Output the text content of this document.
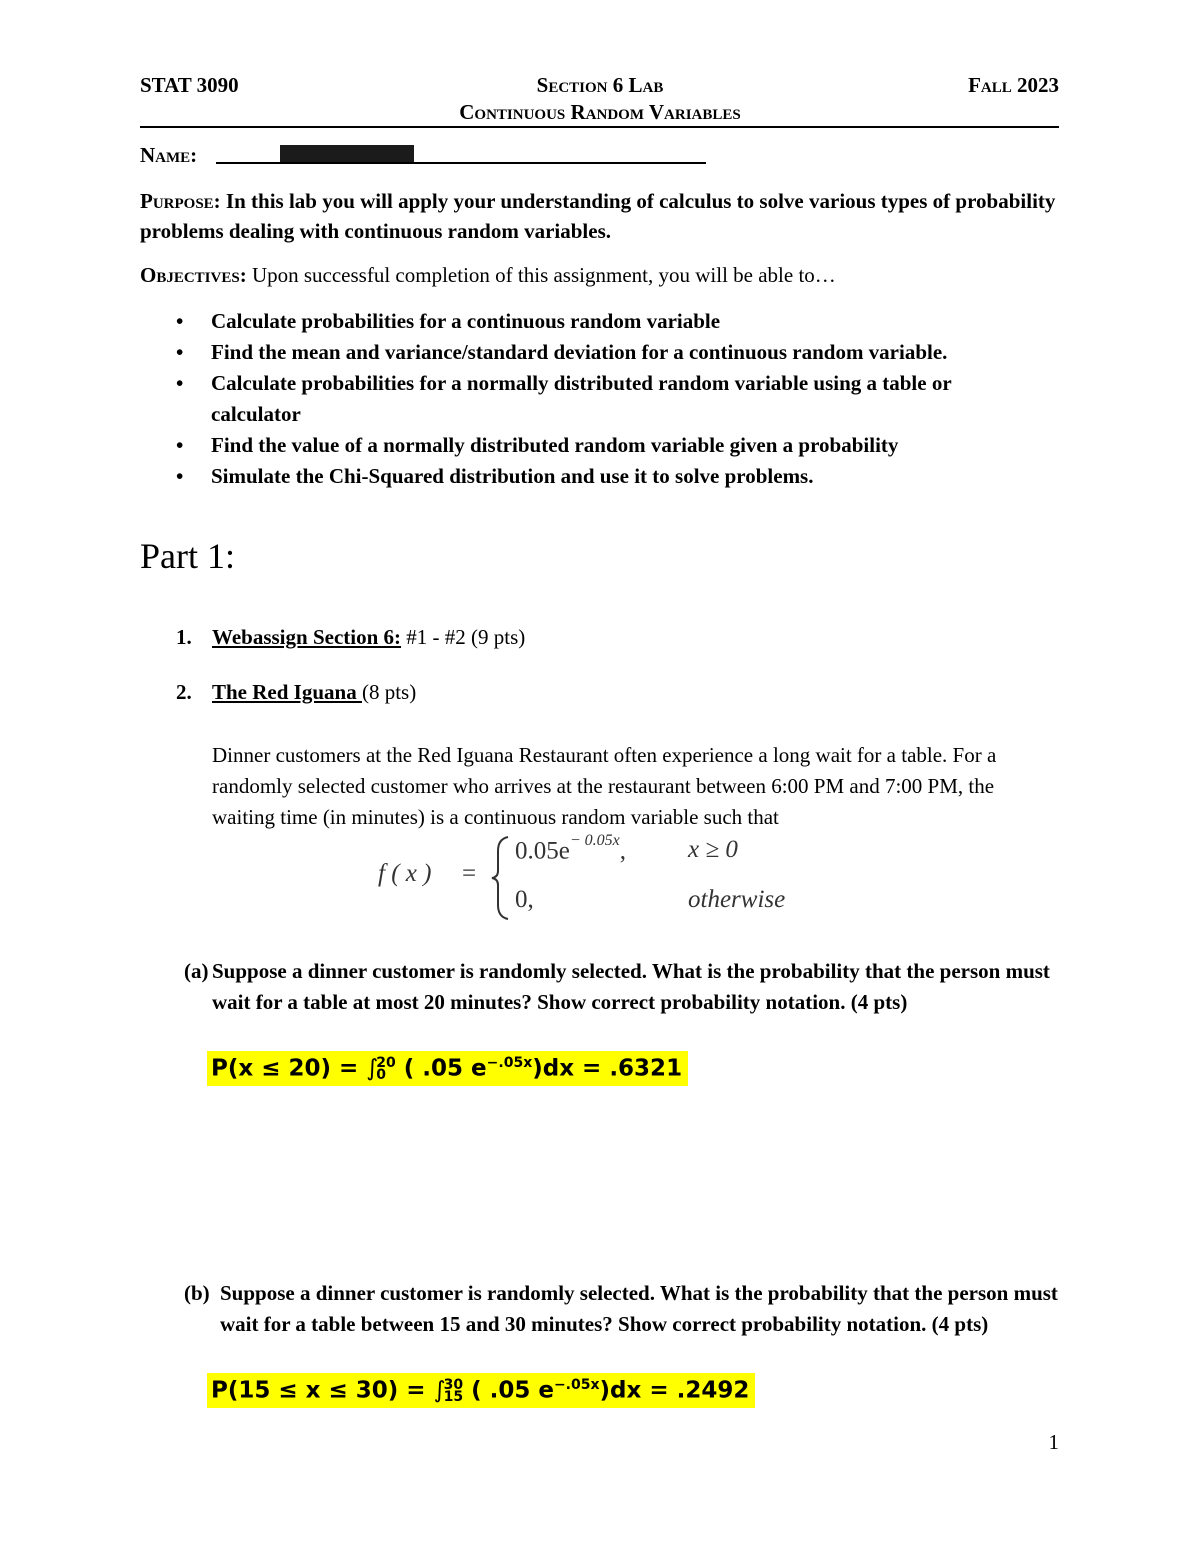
STAT 3090	Section 6 Lab	Fall 2023
Continuous Random Variables
Name:
Purpose: In this lab you will apply your understanding of calculus to solve various types of probability problems dealing with continuous random variables.
Objectives: Upon successful completion of this assignment, you will be able to…
• Calculate probabilities for a continuous random variable
• Find the mean and variance/standard deviation for a continuous random variable.
• Calculate probabilities for a normally distributed random variable using a table or calculator
• Find the value of a normally distributed random variable given a probability
• Simulate the Chi-Squared distribution and use it to solve problems.
Part 1:
1. Webassign Section 6: #1 - #2 (9 pts)
2. The Red Iguana (8 pts)
Dinner customers at the Red Iguana Restaurant often experience a long wait for a table. For a randomly selected customer who arrives at the restaurant between 6:00 PM and 7:00 PM, the waiting time (in minutes) is a continuous random variable such that
f ( x ) =
$0.05e^{- 0.05x}$, x ≥ 0
0,	otherwise
(a) Suppose a dinner customer is randomly selected. What is the probability that the person must wait for a table at most 20 minutes? Show correct probability notation. (4 pts)
P(x ≤ 20) = ∫
20
0 ( .05 $e^{-.05x})dx = .6321$
(b) Suppose a dinner customer is randomly selected. What is the probability that the person must wait for a table between 15 and 30 minutes? Show correct probability notation. (4 pts)
P(15 ≤ x ≤ 30) = ∫
30
15 ( .05 $e^{-.05x})dx = .2492$
1
